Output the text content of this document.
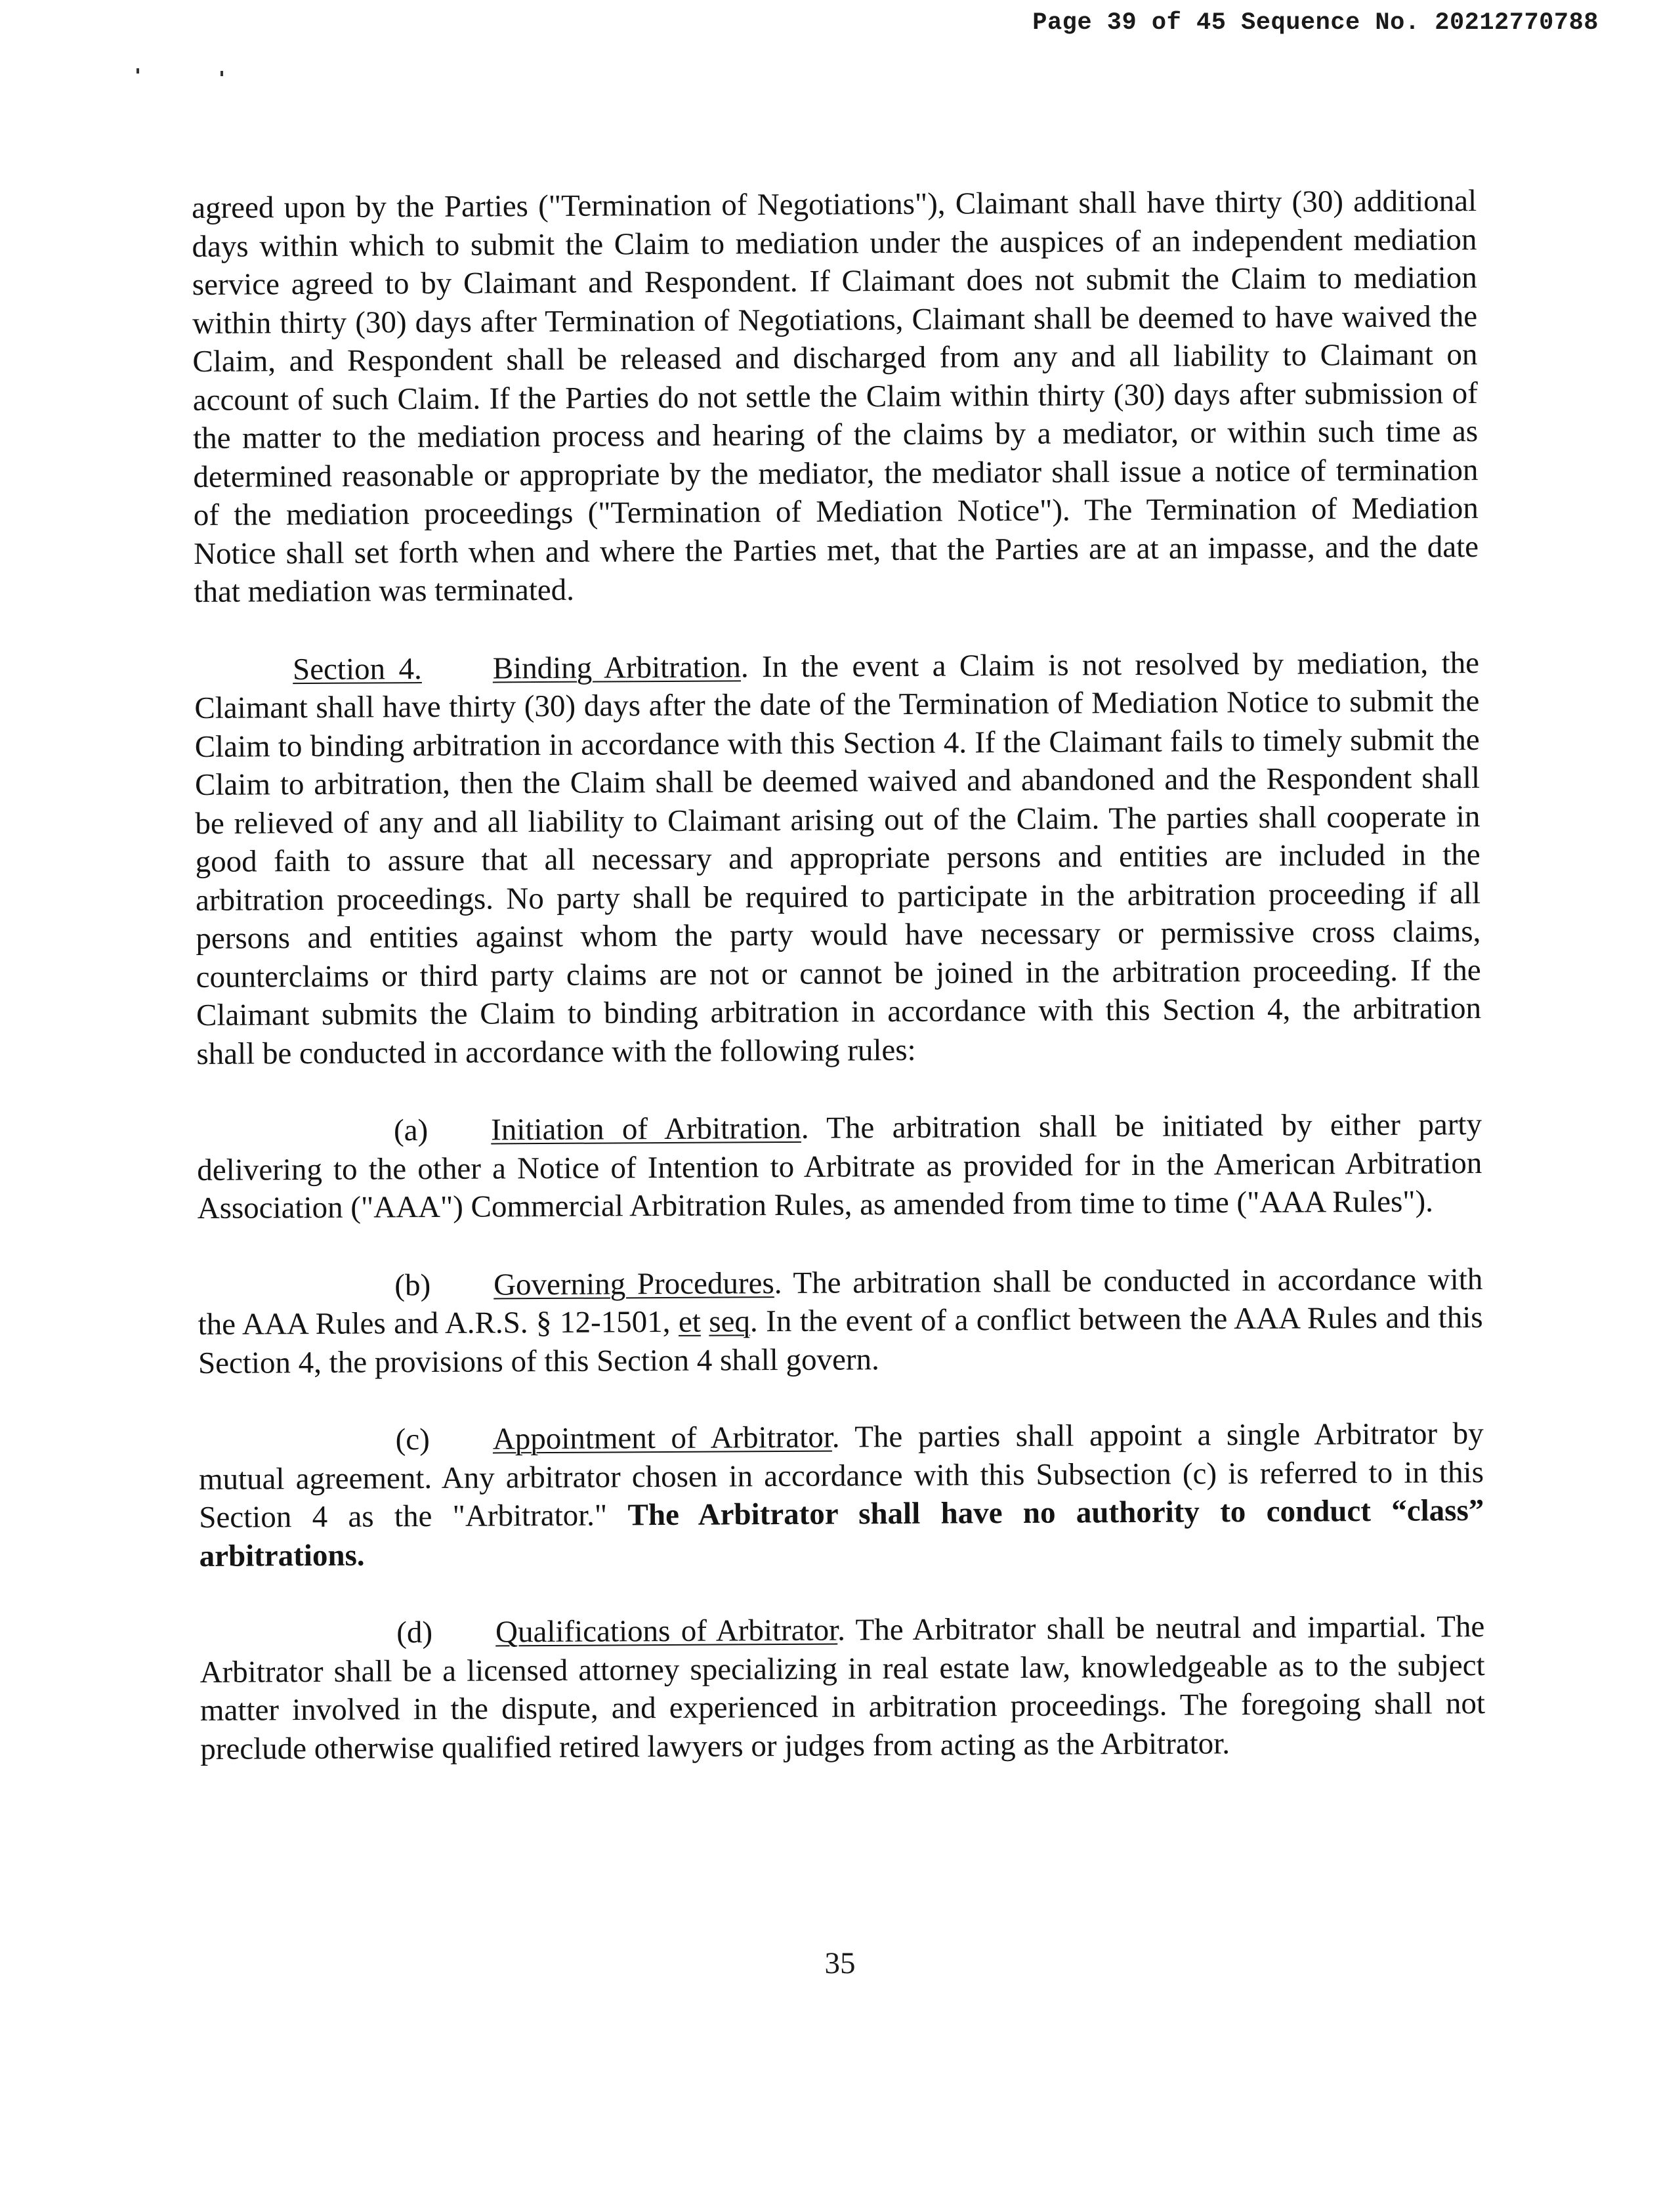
Page 39 of 45 Sequence No. 20212770788

agreed upon by the Parties ("Termination of Negotiations"), Claimant shall have thirty (30) additional days within which to submit the Claim to mediation under the auspices of an independent mediation service agreed to by Claimant and Respondent. If Claimant does not submit the Claim to mediation within thirty (30) days after Termination of Negotiations, Claimant shall be deemed to have waived the Claim, and Respondent shall be released and discharged from any and all liability to Claimant on account of such Claim. If the Parties do not settle the Claim within thirty (30) days after submission of the matter to the mediation process and hearing of the claims by a mediator, or within such time as determined reasonable or appropriate by the mediator, the mediator shall issue a notice of termination of the mediation proceedings ("Termination of Mediation Notice"). The Termination of Mediation Notice shall set forth when and where the Parties met, that the Parties are at an impasse, and the date that mediation was terminated.

Section 4. Binding Arbitration. In the event a Claim is not resolved by mediation, the Claimant shall have thirty (30) days after the date of the Termination of Mediation Notice to submit the Claim to binding arbitration in accordance with this Section 4. If the Claimant fails to timely submit the Claim to arbitration, then the Claim shall be deemed waived and abandoned and the Respondent shall be relieved of any and all liability to Claimant arising out of the Claim. The parties shall cooperate in good faith to assure that all necessary and appropriate persons and entities are included in the arbitration proceedings. No party shall be required to participate in the arbitration proceeding if all persons and entities against whom the party would have necessary or permissive cross claims, counterclaims or third party claims are not or cannot be joined in the arbitration proceeding. If the Claimant submits the Claim to binding arbitration in accordance with this Section 4, the arbitration shall be conducted in accordance with the following rules:

(a) Initiation of Arbitration. The arbitration shall be initiated by either party delivering to the other a Notice of Intention to Arbitrate as provided for in the American Arbitration Association ("AAA") Commercial Arbitration Rules, as amended from time to time ("AAA Rules").

(b) Governing Procedures. The arbitration shall be conducted in accordance with the AAA Rules and A.R.S. § 12-1501, et seq. In the event of a conflict between the AAA Rules and this Section 4, the provisions of this Section 4 shall govern.

(c) Appointment of Arbitrator. The parties shall appoint a single Arbitrator by mutual agreement. Any arbitrator chosen in accordance with this Subsection (c) is referred to in this Section 4 as the "Arbitrator." The Arbitrator shall have no authority to conduct “class” arbitrations.

(d) Qualifications of Arbitrator. The Arbitrator shall be neutral and impartial. The Arbitrator shall be a licensed attorney specializing in real estate law, knowledgeable as to the subject matter involved in the dispute, and experienced in arbitration proceedings. The foregoing shall not preclude otherwise qualified retired lawyers or judges from acting as the Arbitrator.

35
